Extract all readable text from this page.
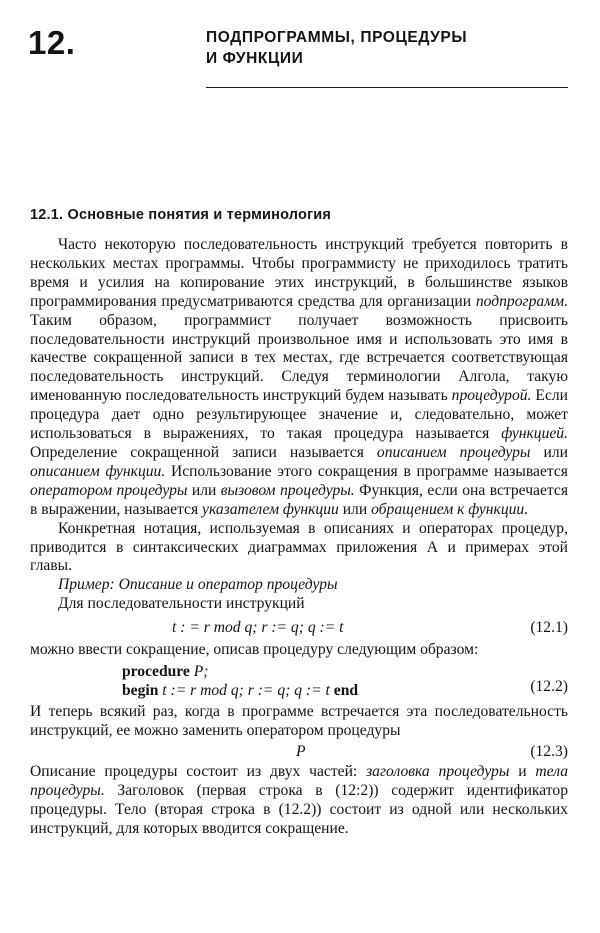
12.	ПОДПРОГРАММЫ, ПРОЦЕДУРЫ
И ФУНКЦИИ
12.1. Основные понятия и терминология

Часто некоторую последовательность инструкций требуется повторить в нескольких местах программы. Чтобы программисту не приходилось тратить время и усилия на копирование этих инструкций, в большинстве языков программирования предусматриваются средства для организации подпрограмм. Таким образом, программист получает возможность присвоить последовательности инструкций произвольное имя и использовать это имя в качестве сокращенной записи в тех местах, где встречается соответствующая последовательность инструкций. Следуя терминологии Алгола, такую именованную последовательность инструкций будем называть процедурой. Если процедура дает одно результирующее значение и, следовательно, может использоваться в выражениях, то такая процедура называется функцией. Определение сокращенной записи называется описанием процедуры или описанием функции. Использование этого сокращения в программе называется оператором процедуры или вызовом процедуры. Функция, если она встречается в выражении, называется указателем функции или обращением к функции.

Конкретная нотация, используемая в описаниях и операторах процедур, приводится в синтаксических диаграммах приложения А и примерах этой главы.

Пример: Описание и оператор процедуры
Для последовательности инструкций
t : = r mod q; r := q; q := t	(12.1)

можно ввести сокращение, описав процедуру следующим образом:

procedure P;
begin t := r mod q; r := q; q := t end	(12.2)

И теперь всякий раз, когда в программе встречается эта последовательность инструкций, ее можно заменить оператором процедуры

P	(12.3)

Описание процедуры состоит из двух частей: заголовка процедуры и тела процедуры. Заголовок (первая строка в (12:2)) содержит идентификатор процедуры. Тело (вторая строка в (12.2)) состоит из одной или нескольких инструкций, для которых вводится сокращение.
